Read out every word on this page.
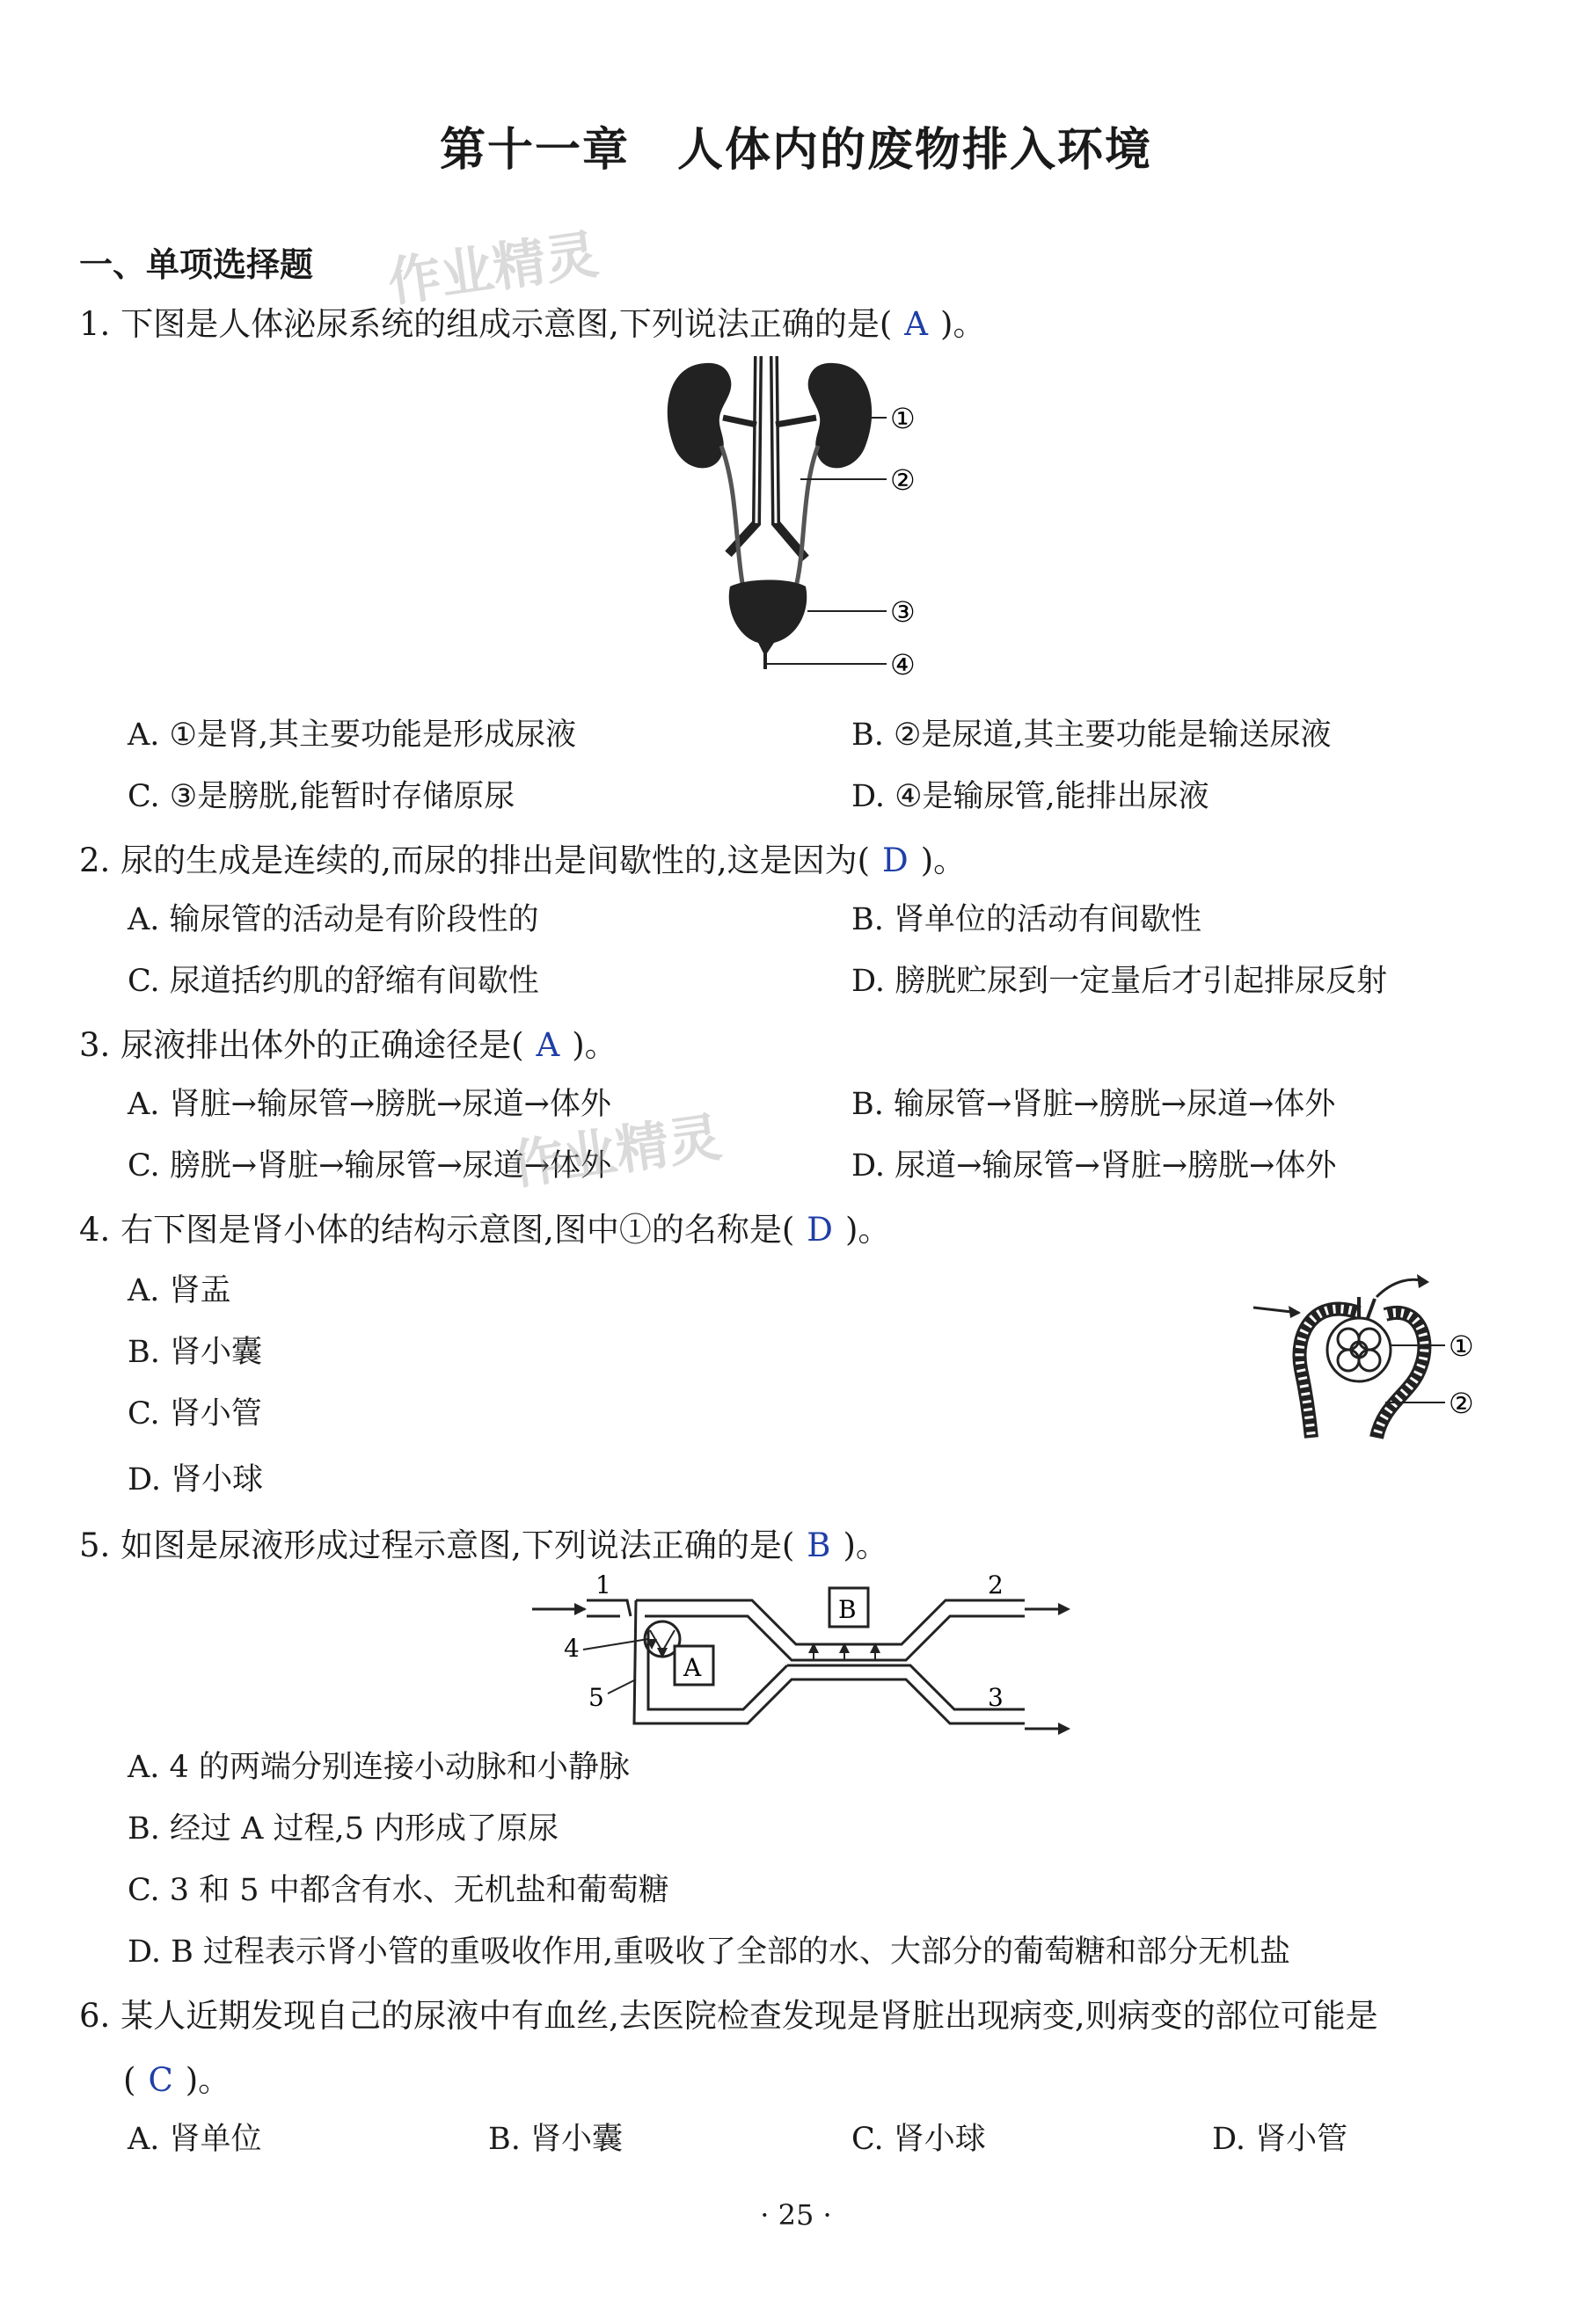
第十一章　人体内的废物排入环境
一、单项选择题 作业精灵
1. 下图是人体泌尿系统的组成示意图,下列说法正确的是( A )。
①
②
③
④
A. ①是肾,其主要功能是形成尿液	B. ②是尿道,其主要功能是输送尿液
C. ③是膀胱,能暂时存储原尿	D. ④是输尿管,能排出尿液
2. 尿的生成是连续的,而尿的排出是间歇性的,这是因为( D )。
A. 输尿管的活动是有阶段性的	B. 肾单位的活动有间歇性
C. 尿道括约肌的舒缩有间歇性	D. 膀胱贮尿到一定量后才引起排尿反射
3. 尿液排出体外的正确途径是( A )。
A. 肾脏→输尿管→膀胱→尿道→体外	B. 输尿管→肾脏→膀胱→尿道→体外
C. 膀胱→肾脏→输尿管→尿道→体外	D. 尿道→输尿管→肾脏→膀胱→体外
作业精灵
4. 右下图是肾小体的结构示意图,图中①的名称是( D )。
A. 肾盂
B. 肾小囊
C. 肾小管
D. 肾小球
①
②
5. 如图是尿液形成过程示意图,下列说法正确的是( B )。
A
B
1	2
3
4
5
A. 4 的两端分别连接小动脉和小静脉
B. 经过 A 过程,5 内形成了原尿
C. 3 和 5 中都含有水、无机盐和葡萄糖
D. B 过程表示肾小管的重吸收作用,重吸收了全部的水、大部分的葡萄糖和部分无机盐
6. 某人近期发现自己的尿液中有血丝,去医院检查发现是肾脏出现病变,则病变的部位可能是
( C )。
A. 肾单位	B. 肾小囊	C. 肾小球	D. 肾小管
· 25 ·
